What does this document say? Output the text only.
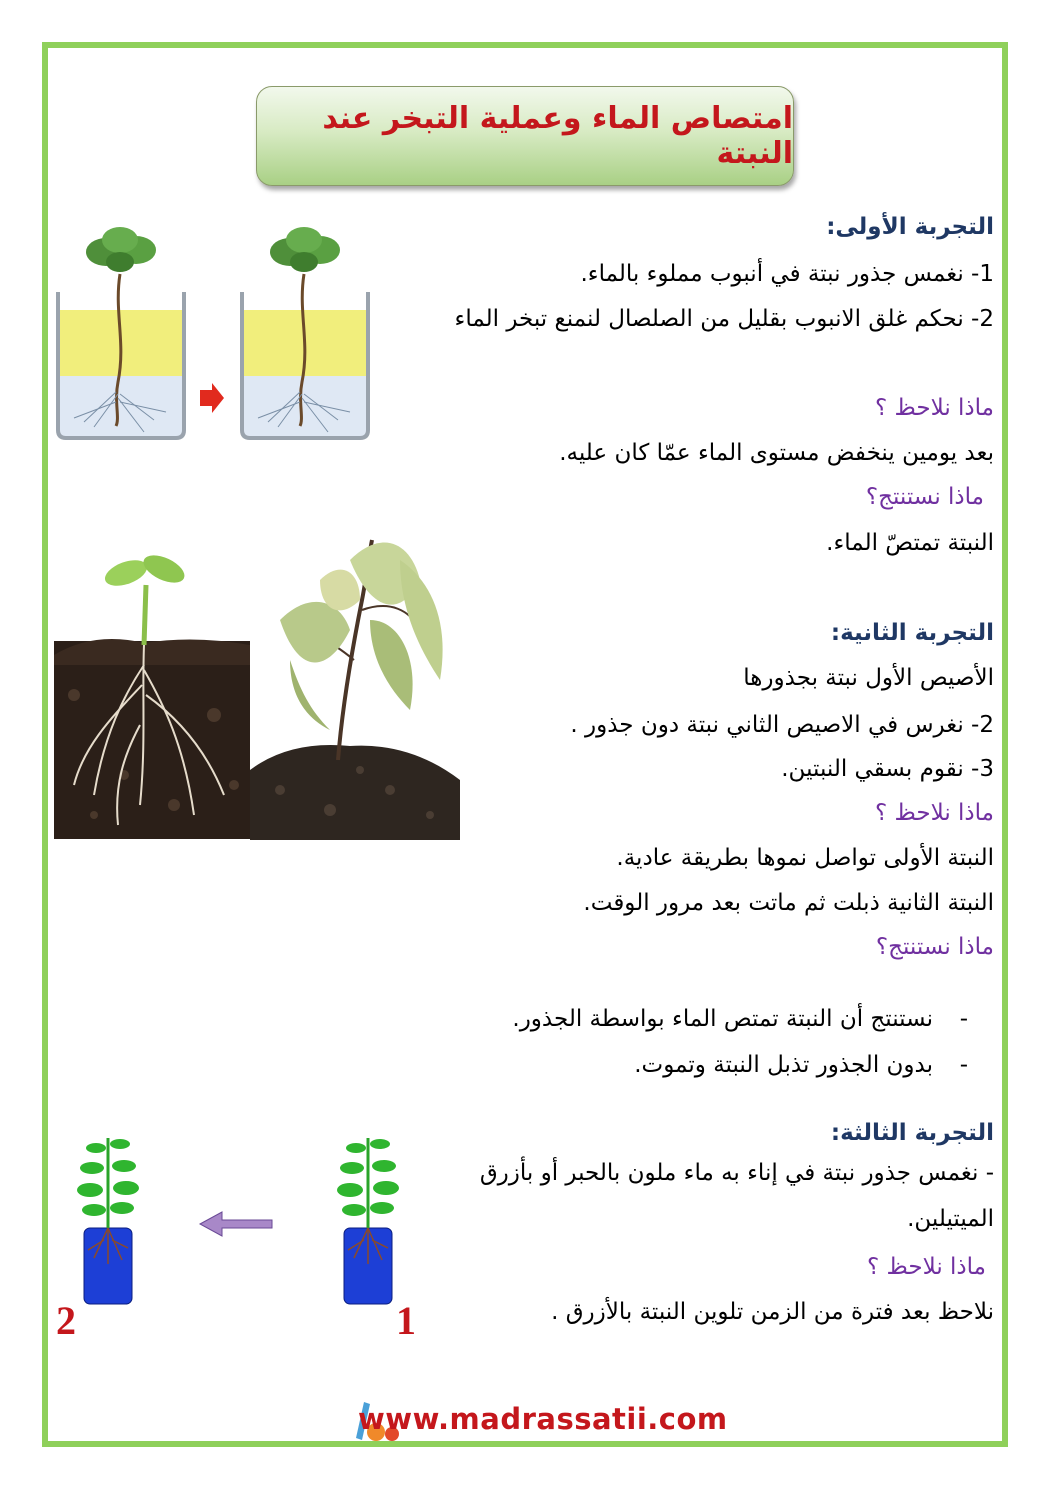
امتصاص الماء وعملية التبخر عند النبتة
التجربة الأولى:
1- نغمس جذور نبتة في أنبوب مملوء بالماء.
2- نحكم غلق الانبوب بقليل من الصلصال لنمنع تبخر الماء
ماذا نلاحظ ؟
بعد يومين ينخفض مستوى الماء عمّا كان عليه.
ماذا نستنتج؟
النبتة تمتصّ الماء.
التجربة الثانية:
الأصيص الأول نبتة بجذورها
2- نغرس في الاصيص الثاني نبتة دون جذور .
3- نقوم بسقي النبتين.
ماذا نلاحظ ؟
النبتة الأولى تواصل نموها بطريقة عادية.
النبتة الثانية ذبلت ثم ماتت بعد مرور الوقت.
ماذا نستنتج؟
-
نستنتج أن النبتة تمتص الماء بواسطة الجذور.
-
بدون الجذور تذبل النبتة وتموت.
التجربة الثالثة:
- نغمس جذور نبتة في إناء به ماء ملون بالحبر أو بأزرق الميتيلين.
ماذا نلاحظ ؟
نلاحظ بعد فترة من الزمن تلوين النبتة بالأزرق .
2	1
www.madrassatii.com
